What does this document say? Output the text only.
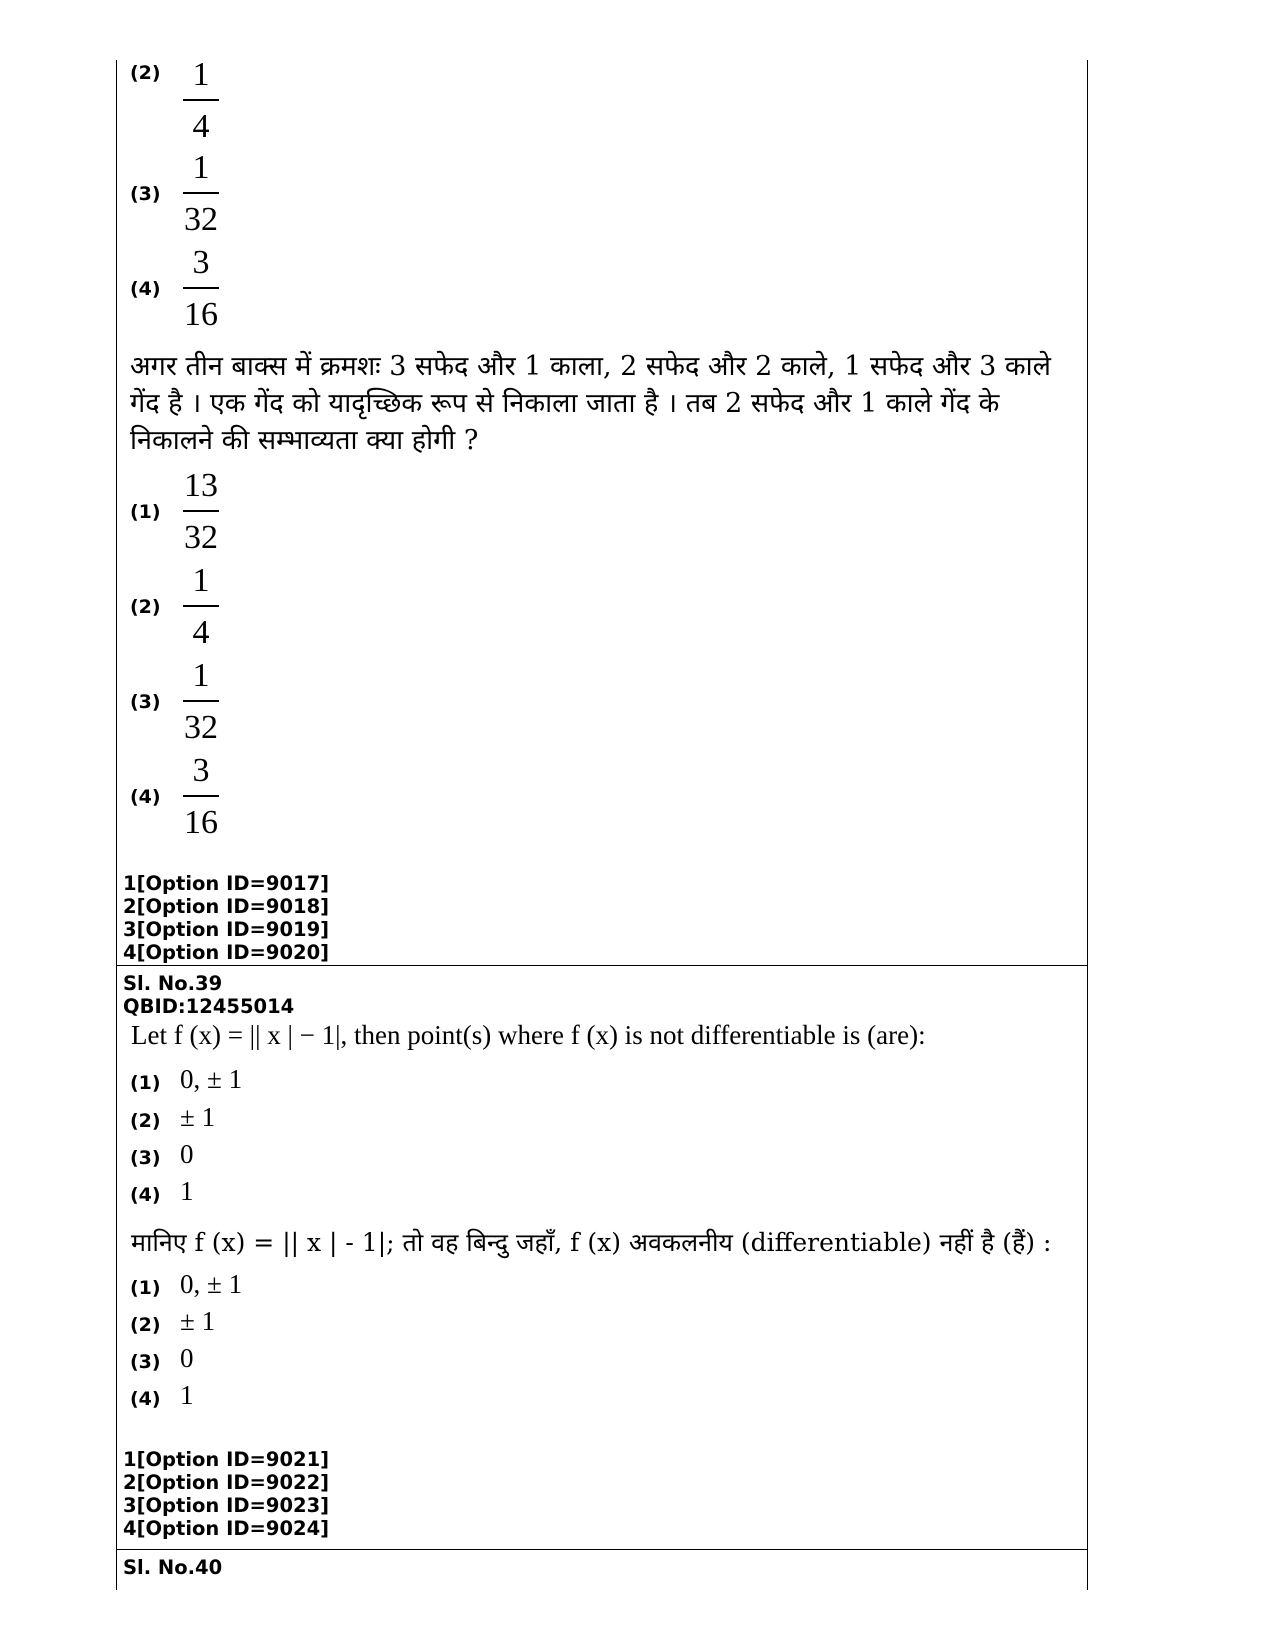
(2) 1
4
(3)
1
32
(4)
3
16
अगर तीन बाक्स में क्रमशः 3 सफेद और 1 काला, 2 सफेद और 2 काले, 1 सफेद और 3 काले गेंद है । एक गेंद को यादृच्छिक रूप से निकाला जाता है । तब 2 सफेद और 1 काले गेंद के निकालने की सम्भाव्यता क्या होगी ?
(1)
13
32
(2)
1
4
(3)
1
32
(4)
3
16
1[Option ID=9017]
2[Option ID=9018]
3[Option ID=9019]
4[Option ID=9020]
Sl. No.39
QBID:12455014
Let f (x) = || x | − 1|, then point(s) where f (x) is not differentiable is (are):
(1) 0, ± 1
(2) ± 1
(3) 0
(4) 1
मानिए f (x) = || x | - 1|; तो वह बिन्दु जहाँ, f (x) अवकलनीय (differentiable) नहीं है (हैं) :
(1) 0, ± 1
(2) ± 1
(3) 0
(4) 1
1[Option ID=9021]
2[Option ID=9022]
3[Option ID=9023]
4[Option ID=9024]
Sl. No.40
